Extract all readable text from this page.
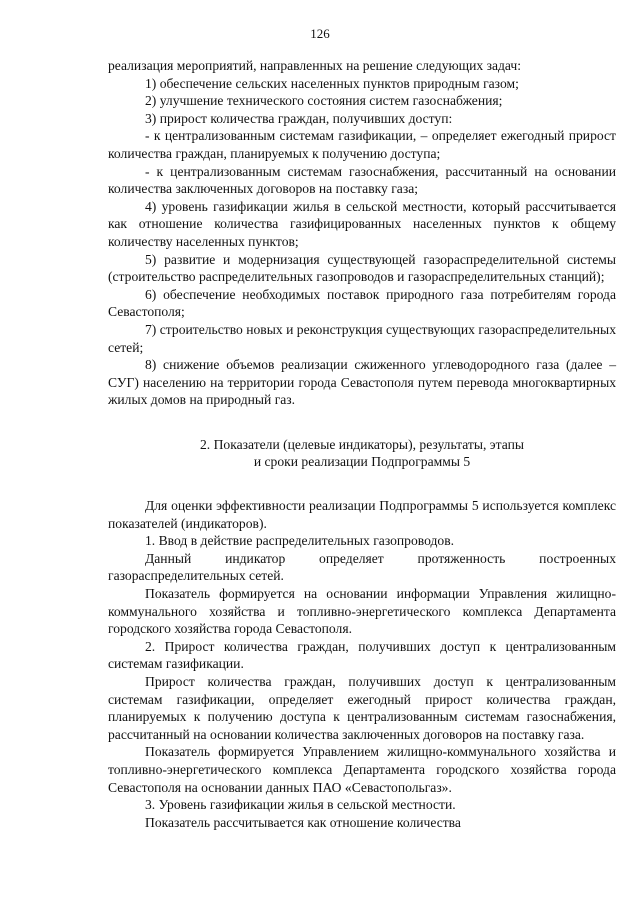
126

реализация мероприятий, направленных на решение следующих задач:

1) обеспечение сельских населенных пунктов природным газом;

2) улучшение технического состояния систем газоснабжения;

3) прирост количества граждан, получивших доступ:

- к централизованным системам газификации, – определяет ежегодный прирост количества граждан, планируемых к получению доступа;

- к централизованным системам газоснабжения, рассчитанный на основании количества заключенных договоров на поставку газа;

4) уровень газификации жилья в сельской местности, который рассчитывается как отношение количества газифицированных населенных пунктов к общему количеству населенных пунктов;

5) развитие и модернизация существующей газораспределительной системы (строительство распределительных газопроводов и газораспределительных станций);

6) обеспечение необходимых поставок природного газа потребителям города Севастополя;

7) строительство новых и реконструкция существующих газораспределительных сетей;

8) снижение объемов реализации сжиженного углеводородного газа (далее – СУГ) населению на территории города Севастополя путем перевода многоквартирных жилых домов на природный газ.

2. Показатели (целевые индикаторы), результаты, этапы
и сроки реализации Подпрограммы 5

Для оценки эффективности реализации Подпрограммы 5 используется комплекс показателей (индикаторов).

1. Ввод в действие распределительных газопроводов.

Данный индикатор определяет протяженность построенных газораспределительных сетей.

Показатель формируется на основании информации Управления жилищно-коммунального хозяйства и топливно-энергетического комплекса Департамента городского хозяйства города Севастополя.

2. Прирост количества граждан, получивших доступ к централизованным системам газификации.

Прирост количества граждан, получивших доступ к централизованным системам газификации, определяет ежегодный прирост количества граждан, планируемых к получению доступа к централизованным системам газоснабжения, рассчитанный на основании количества заключенных договоров на поставку газа.

Показатель формируется Управлением жилищно-коммунального хозяйства и топливно-энергетического комплекса Департамента городского хозяйства города Севастополя на основании данных ПАО «Севастопольгаз».

3. Уровень газификации жилья в сельской местности.

Показатель рассчитывается как отношение количества
